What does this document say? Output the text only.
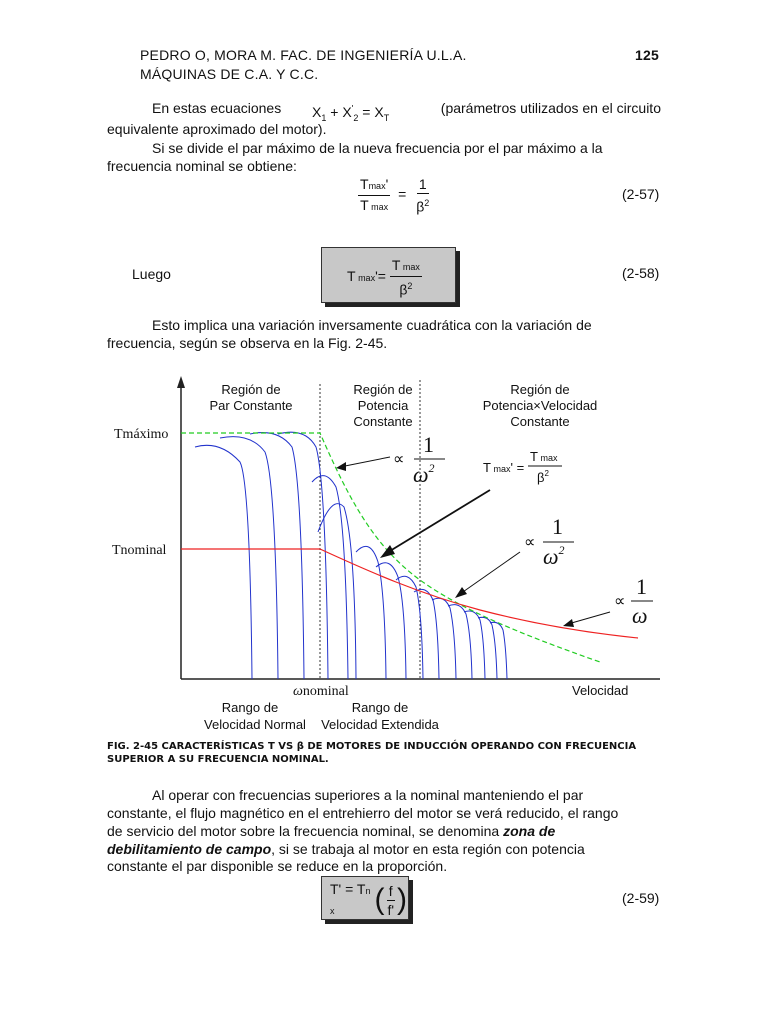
PEDRO O, MORA M. FAC. DE INGENIERÍA U.L.A.	125
MÁQUINAS DE C.A. Y C.C.
En estas ecuaciones $X_1 + X'_2 = X_T$
(parámetros utilizados en el circuito
equivalente aproximado del motor).
Si se divide el par máximo de la nueva frecuencia por el par máximo a la
frecuencia nominal se obtiene:
$\frac{Tmax'}{\text{T max}} = \frac{1}{\beta^2}$	(2-57)
Luego	T $\max'= \frac{\text{T max}}{\beta^2}$	(2-58)
Esto implica una variación inversamente cuadrática con la variación de
frecuencia, según se observa en la Fig. 2-45.
Tmáximo
Tnominal
Región de Par Constante
Región de Potencia Constante
Región de Potencia×Velocidad Constante
∝
1
$\omega^2$	T max' =
T max
$\beta^2$
∝
1
$\omega^2$
∝
1
ω
ωnominal	Velocidad
Rango de Velocidad Normal
Rango de Velocidad Extendida
FIG. 2-45 CARACTERÍSTICAS T VS β DE MOTORES DE INDUCCIÓN OPERANDO CON FRECUENCIA
SUPERIOR A SU FRECUENCIA NOMINAL.
Al operar con frecuencias superiores a la nominal manteniendo el par
constante, el flujo magnético en el entrehierro del motor se verá reducido, el rango
de servicio del motor sobre la frecuencia nominal, se denomina zona de
debilitamiento de campo, si se trabaja al motor en esta región con potencia
constante el par disponible se reduce en la proporción.
T' = Tn x	( $\frac{f}{f'}$ )	(2-59)
